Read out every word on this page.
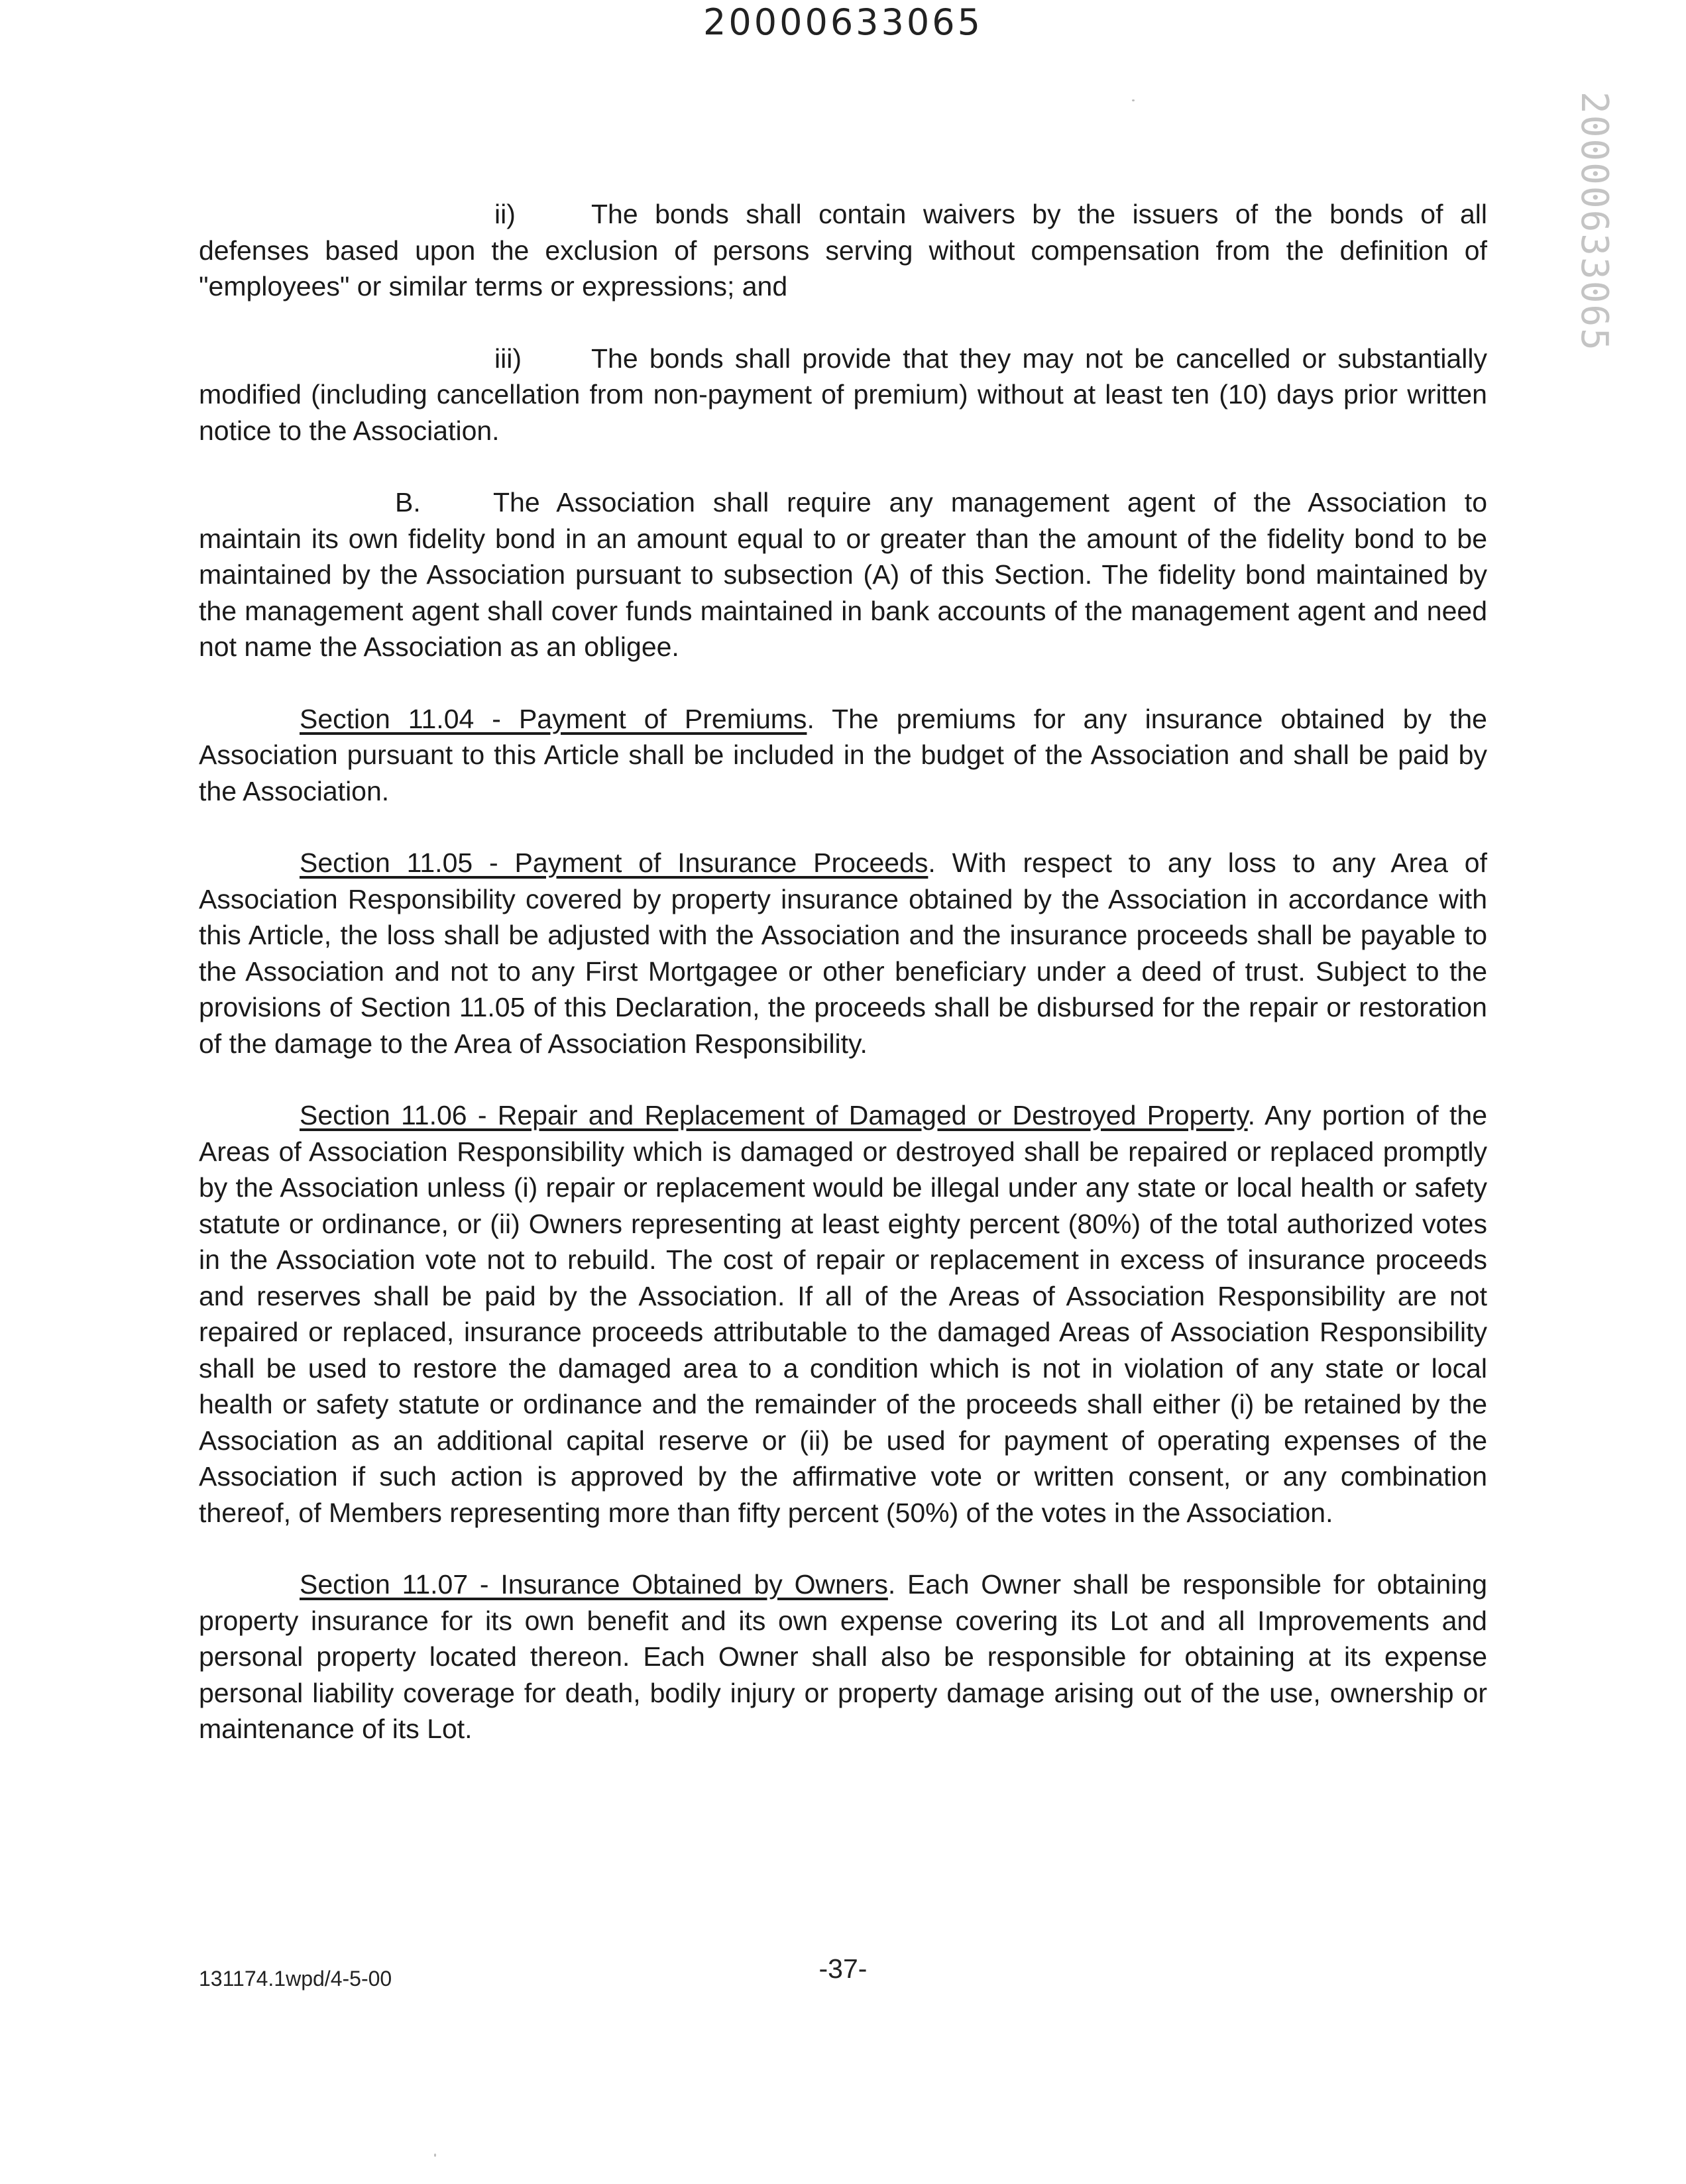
20000633065
20000633065

ii)	The bonds shall contain waivers by the issuers of the bonds of all defenses based upon the exclusion of persons serving without compensation from the definition of "employees" or similar terms or expressions; and

iii)	The bonds shall provide that they may not be cancelled or substantially modified (including cancellation from non-payment of premium) without at least ten (10) days prior written notice to the Association.

B.	The Association shall require any management agent of the Association to maintain its own fidelity bond in an amount equal to or greater than the amount of the fidelity bond to be maintained by the Association pursuant to subsection (A) of this Section. The fidelity bond maintained by the management agent shall cover funds maintained in bank accounts of the management agent and need not name the Association as an obligee.

Section 11.04 - Payment of Premiums. The premiums for any insurance obtained by the Association pursuant to this Article shall be included in the budget of the Association and shall be paid by the Association.

Section 11.05 - Payment of Insurance Proceeds. With respect to any loss to any Area of Association Responsibility covered by property insurance obtained by the Association in accordance with this Article, the loss shall be adjusted with the Association and the insurance proceeds shall be payable to the Association and not to any First Mortgagee or other beneficiary under a deed of trust. Subject to the provisions of Section 11.05 of this Declaration, the proceeds shall be disbursed for the repair or restoration of the damage to the Area of Association Responsibility.

Section 11.06 - Repair and Replacement of Damaged or Destroyed Property. Any portion of the Areas of Association Responsibility which is damaged or destroyed shall be repaired or replaced promptly by the Association unless (i) repair or replacement would be illegal under any state or local health or safety statute or ordinance, or (ii) Owners representing at least eighty percent (80%) of the total authorized votes in the Association vote not to rebuild. The cost of repair or replacement in excess of insurance proceeds and reserves shall be paid by the Association. If all of the Areas of Association Responsibility are not repaired or replaced, insurance proceeds attributable to the damaged Areas of Association Responsibility shall be used to restore the damaged area to a condition which is not in violation of any state or local health or safety statute or ordinance and the remainder of the proceeds shall either (i) be retained by the Association as an additional capital reserve or (ii) be used for payment of operating expenses of the Association if such action is approved by the affirmative vote or written consent, or any combination thereof, of Members representing more than fifty percent (50%) of the votes in the Association.

Section 11.07 - Insurance Obtained by Owners. Each Owner shall be responsible for obtaining property insurance for its own benefit and its own expense covering its Lot and all Improvements and personal property located thereon. Each Owner shall also be responsible for obtaining at its expense personal liability coverage for death, bodily injury or property damage arising out of the use, ownership or maintenance of its Lot.

131174.1wpd/4-5-00	-37-
